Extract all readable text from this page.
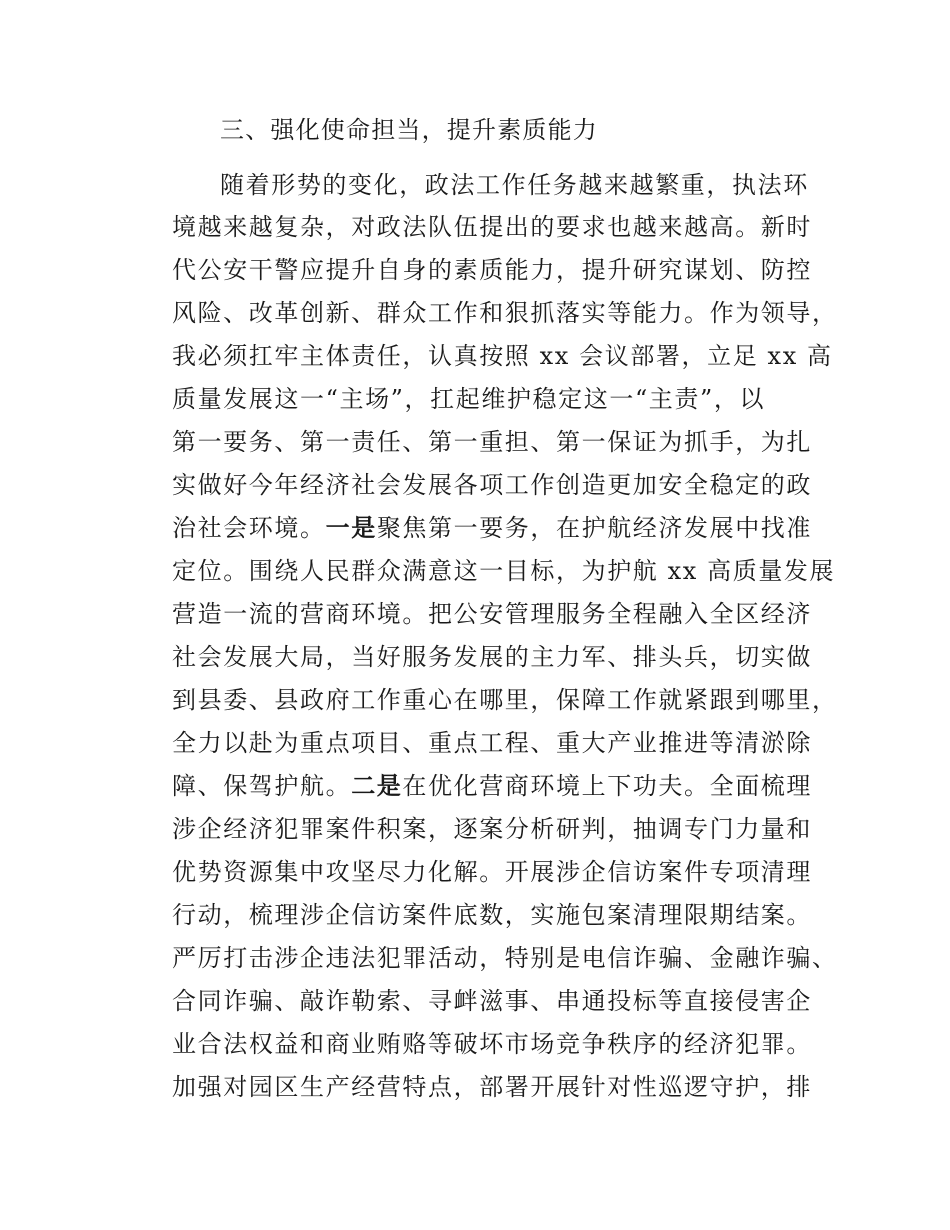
三、强化使命担当，提升素质能力

随着形势的变化，政法工作任务越来越繁重，执法环

境越来越复杂，对政法队伍提出的要求也越来越高。新时

代公安干警应提升自身的素质能力，提升研究谋划、防控

风险、改革创新、群众工作和狠抓落实等能力。作为领导，

我必须扛牢主体责任，认真按照 xx 会议部署，立足 xx 高

质量发展这一“主场”，扛起维护稳定这一“主责”，以

第一要务、第一责任、第一重担、第一保证为抓手，为扎

实做好今年经济社会发展各项工作创造更加安全稳定的政

治社会环境。一是聚焦第一要务，在护航经济发展中找准

定位。围绕人民群众满意这一目标，为护航 xx 高质量发展

营造一流的营商环境。把公安管理服务全程融入全区经济

社会发展大局，当好服务发展的主力军、排头兵，切实做

到县委、县政府工作重心在哪里，保障工作就紧跟到哪里，

全力以赴为重点项目、重点工程、重大产业推进等清淤除

障、保驾护航。二是在优化营商环境上下功夫。全面梳理

涉企经济犯罪案件积案，逐案分析研判，抽调专门力量和

优势资源集中攻坚尽力化解。开展涉企信访案件专项清理

行动，梳理涉企信访案件底数，实施包案清理限期结案。

严厉打击涉企违法犯罪活动，特别是电信诈骗、金融诈骗、

合同诈骗、敲诈勒索、寻衅滋事、串通投标等直接侵害企

业合法权益和商业贿赂等破坏市场竞争秩序的经济犯罪。

加强对园区生产经营特点，部署开展针对性巡逻守护，排
